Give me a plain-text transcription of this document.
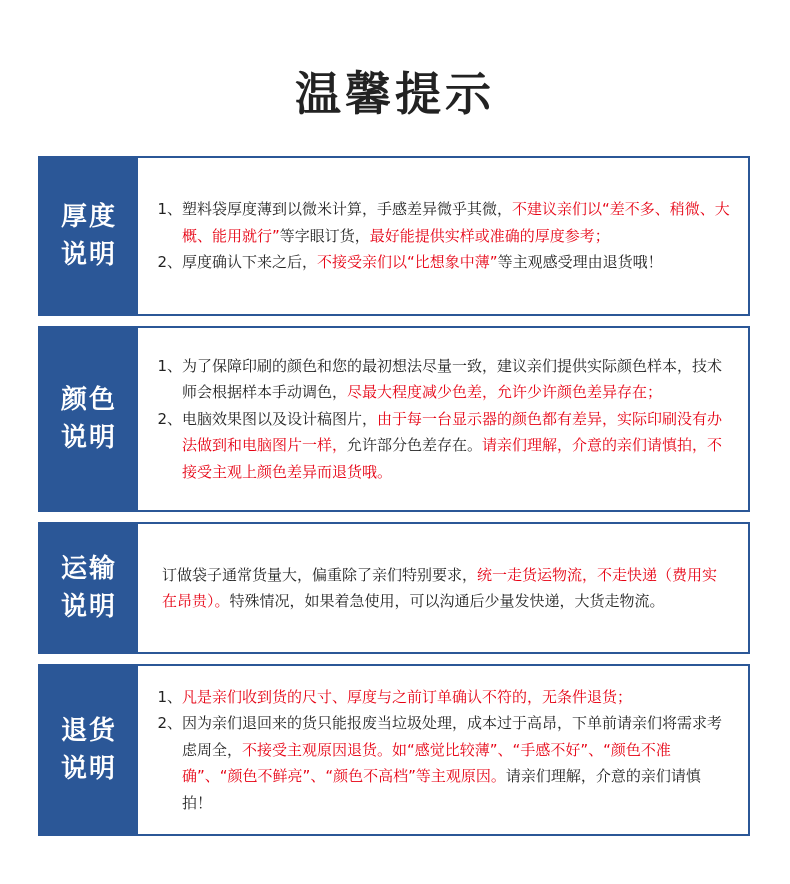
温馨提示
厚度
说明
1、 塑料袋厚度薄到以微米计算，手感差异微乎其微，不建议亲们以“差不多、稍微、大概、能用就行”等字眼订货，最好能提供实样或准确的厚度参考；
2、 厚度确认下来之后，不接受亲们以“比想象中薄”等主观感受理由退货哦！
颜色
说明
1、 为了保障印刷的颜色和您的最初想法尽量一致，建议亲们提供实际颜色样本，技术师会根据样本手动调色，尽最大程度减少色差，允许少许颜色差异存在；
2、 电脑效果图以及设计稿图片，由于每一台显示器的颜色都有差异，实际印刷没有办法做到和电脑图片一样，允许部分色差存在。请亲们理解，介意的亲们请慎拍，不接受主观上颜色差异而退货哦。
运输
说明
订做袋子通常货量大，偏重除了亲们特别要求，统一走货运物流，不走快递（费用实在昂贵）。特殊情况，如果着急使用，可以沟通后少量发快递，大货走物流。
退货
说明
1、 凡是亲们收到货的尺寸、厚度与之前订单确认不符的，无条件退货；
2、 因为亲们退回来的货只能报废当垃圾处理，成本过于高昂，下单前请亲们将需求考虑周全，不接受主观原因退货。如“感觉比较薄”、“手感不好”、“颜色不准确”、“颜色不鲜亮”、“颜色不高档”等主观原因。请亲们理解，介意的亲们请慎拍！
